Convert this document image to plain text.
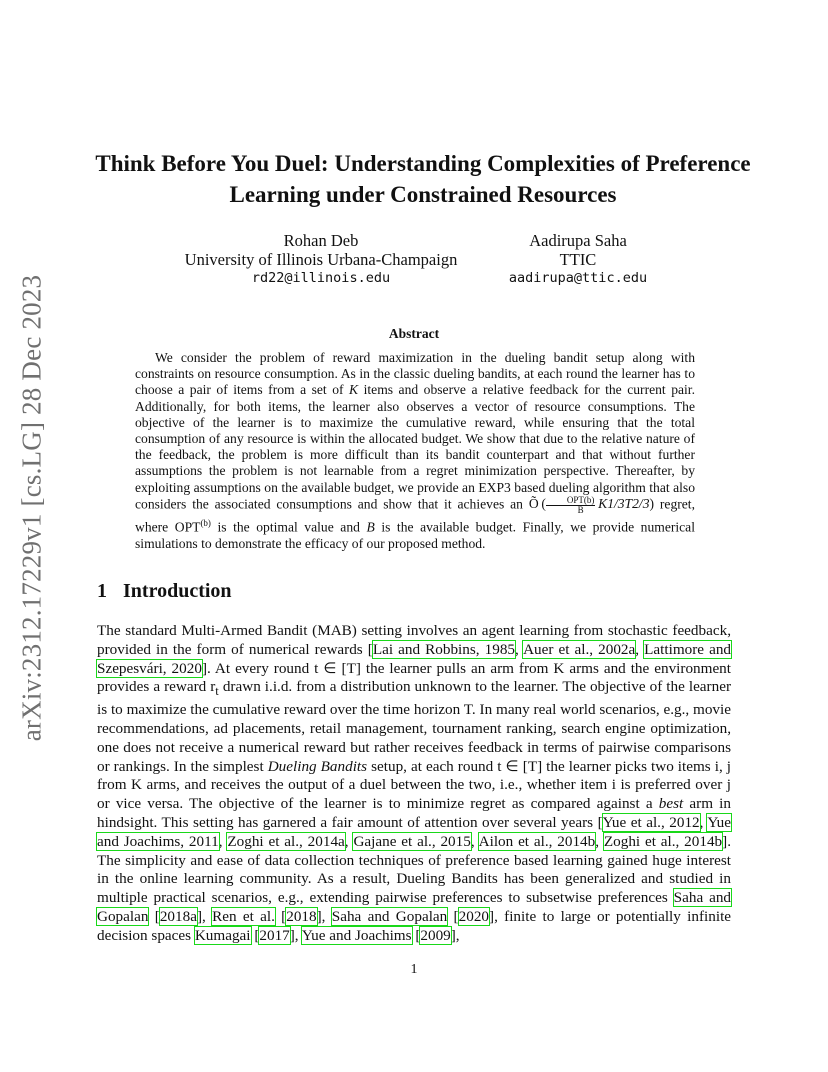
arXiv:2312.17229v1 [cs.LG] 28 Dec 2023
Think Before You Duel: Understanding Complexities of Preference Learning under Constrained Resources
Rohan Deb
University of Illinois Urbana-Champaign
rd22@illinois.edu
Aadirupa Saha
TTIC
aadirupa@ttic.edu
Abstract

We consider the problem of reward maximization in the dueling bandit setup along with constraints on resource consumption. As in the classic dueling bandits, at each round the learner has to choose a pair of items from a set of K items and observe a relative feedback for the current pair. Additionally, for both items, the learner also observes a vector of resource consumptions. The objective of the learner is to maximize the cumulative reward, while ensuring that the total consumption of any resource is within the allocated budget. We show that due to the relative nature of the feedback, the problem is more difficult than its bandit counterpart and that without further assumptions the problem is not learnable from a regret minimization perspective. Thereafter, by exploiting assumptions on the available budget, we provide an EXP3 based dueling algorithm that also considers the associated consumptions and show that it achieves an Õ ( $\frac{\text{OPT(b)}}{B}$
  K1/3T2/3) regret, where OPT$^{(b)}$ is the optimal value and B is the available budget. Finally, we provide numerical simulations to demonstrate the efficacy of our proposed method.

1 Introduction

The standard Multi-Armed Bandit (MAB) setting involves an agent learning from stochastic feedback, provided in the form of numerical rewards [Lai and Robbins, 1985, Auer et al., 2002a, Lattimore and Szepesvári, 2020]. At every round t ∈ [T] the learner pulls an arm from K arms and the environment provides a reward $r_t$ drawn i.i.d. from a distribution unknown to the learner. The objective of the learner is to maximize the cumulative reward over the time horizon T. In many real world scenarios, e.g., movie recommendations, ad placements, retail management, tournament ranking, search engine optimization, one does not receive a numerical reward but rather receives feedback in terms of pairwise comparisons or rankings. In the simplest Dueling Bandits setup, at each round t ∈ [T] the learner picks two items i, j from K arms, and receives the output of a duel between the two, i.e., whether item i is preferred over j or vice versa. The objective of the learner is to minimize regret as compared against a best arm in hindsight. This setting has garnered a fair amount of attention over several years [Yue et al., 2012, Yue and Joachims, 2011, Zoghi et al., 2014a, Gajane et al., 2015, Ailon et al., 2014b, Zoghi et al., 2014b]. The simplicity and ease of data collection techniques of preference based learning gained huge interest in the online learning community. As a result, Dueling Bandits has been generalized and studied in multiple practical scenarios, e.g., extending pairwise preferences to subsetwise preferences Saha and Gopalan [2018a], Ren et al. [2018], Saha and Gopalan [2020], finite to large or potentially infinite decision spaces Kumagai [2017], Yue and Joachims [2009],

1
